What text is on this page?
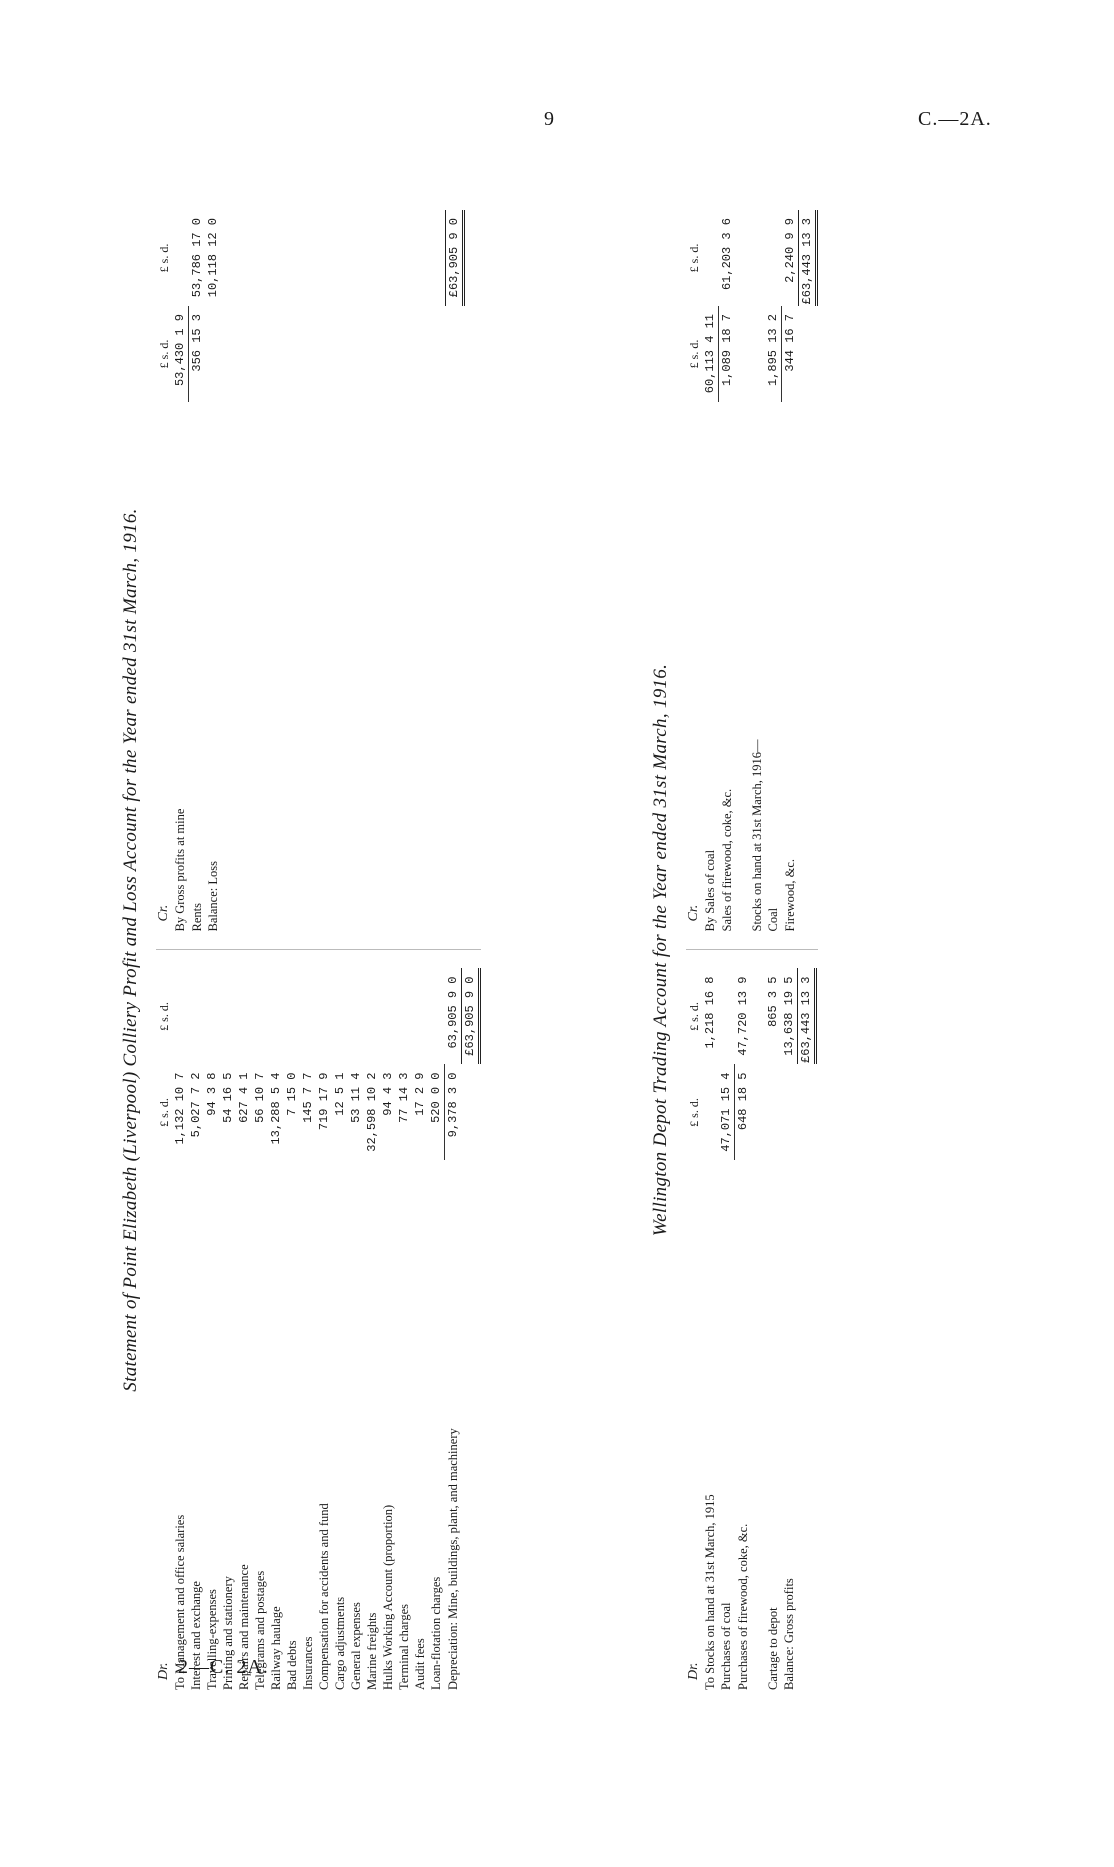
9	C.—2A.
2—C. 2A.
Statement of Point Elizabeth (Liverpool) Colliery Profit and Loss Account for the Year ended 31st March, 1916.
Dr.
£ s. d.
£ s. d.
To Management and office salaries
1,132 10 7
Interest and exchange
5,027 7 2
Travelling-expenses
94 3 8
Printing and stationery
54 16 5
Repairs and maintenance
627 4 1
Telegrams and postages
56 10 7
Railway haulage
13,288 5 4
Bad debts
7 15 0
Insurances
145 7 7
Compensation for accidents and fund
719 17 9
Cargo adjustments
12 5 1
General expenses
53 11 4
Marine freights
32,598 10 2
Hulks Working Account (proportion)
94 4 3
Terminal charges
77 14 3
Audit fees
17 2 9
Loan-flotation charges
520 0 0
Depreciation: Mine, buildings, plant, and machinery
9,378 3 0
63,905 9 0 £63,905 9 0
Cr.
£ s. d.
£ s. d.
By Gross profits at mine
53,430 1 9
Rents
356 15 3
53,786 17 0
Balance: Loss
10,118 12 0	£63,905 9 0
Wellington Depot Trading Account for the Year ended 31st March, 1916.
Dr.
£ s. d.
£ s. d.
To Stocks on hand at 31st March, 1915
1,218 16 8
Purchases of coal
47,071 15 4
Purchases of firewood, coke, &c.
648 18 5
47,720 13 9
Cartage to depot
865 3 5
Balance: Gross profits
13,638 19 5 £63,443 13 3
Cr.
£ s. d.
£ s. d.
By Sales of coal
60,113 4 11
Sales of firewood, coke, &c.
1,089 18 7
61,203 3 6
Stocks on hand at 31st March, 1916— Coal
1,895 13 2
Firewood, &c.
344 16 7
2,240 9 9 £63,443 13 3
